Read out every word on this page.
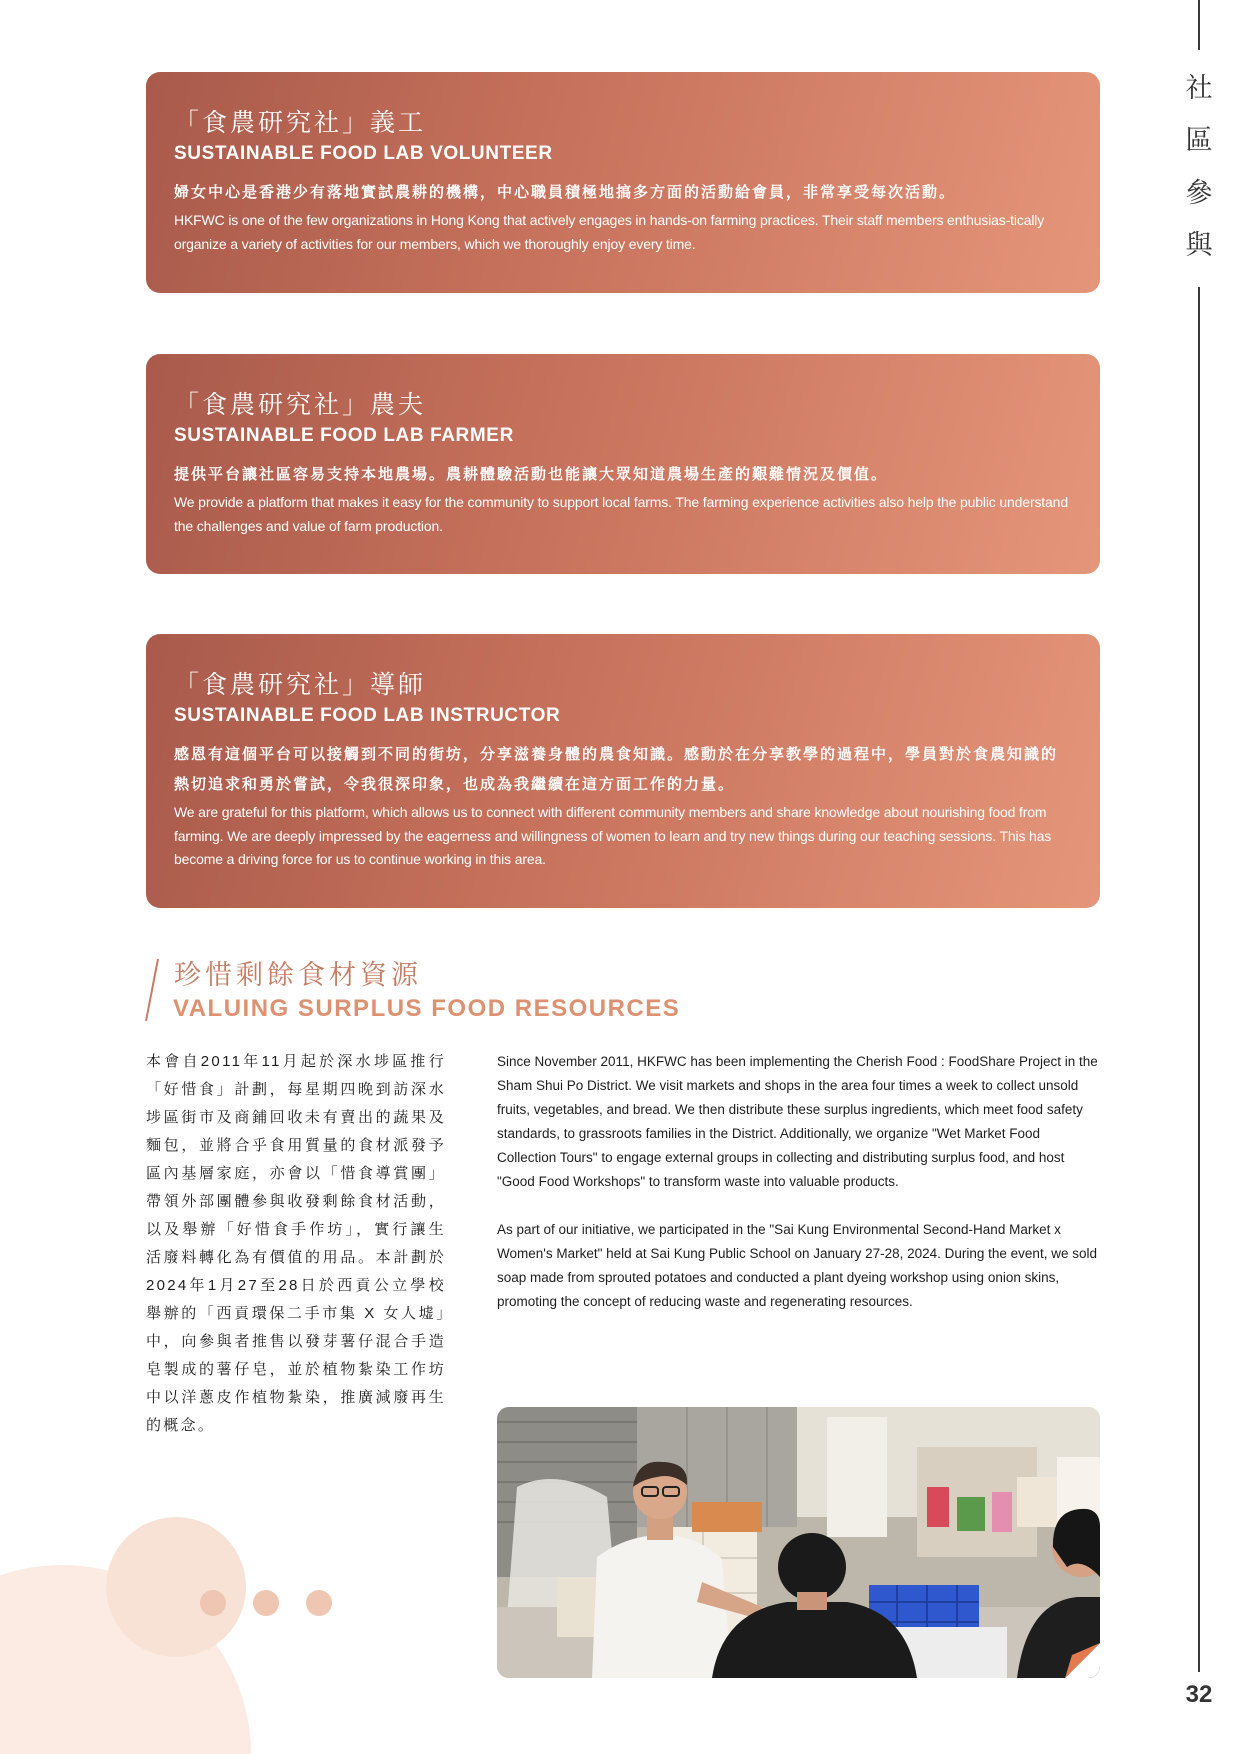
社
區
參
與
32
「食農研究社」義工
SUSTAINABLE FOOD LAB VOLUNTEER
婦女中心是香港少有落地實試農耕的機構，中心職員積極地搞多方面的活動給會員，非常享受每次活動。
HKFWC is one of the few organizations in Hong Kong that actively engages in hands-on farming practices. Their staff members enthusias-tically organize a variety of activities for our members, which we thoroughly enjoy every time.
「食農研究社」農夫
SUSTAINABLE FOOD LAB FARMER
提供平台讓社區容易支持本地農場。農耕體驗活動也能讓大眾知道農場生產的艱難情況及價值。
We provide a platform that makes it easy for the community to support local farms. The farming experience activities also help the public understand the challenges and value of farm production.
「食農研究社」導師
SUSTAINABLE FOOD LAB INSTRUCTOR
感恩有這個平台可以接觸到不同的街坊，分享滋養身體的農食知識。感動於在分享教學的過程中，學員對於食農知識的熱切追求和勇於嘗試，令我很深印象，也成為我繼續在這方面工作的力量。
We are grateful for this platform, which allows us to connect with different community members and share knowledge about nourishing food from farming. We are deeply impressed by the eagerness and willingness of women to learn and try new things during our teaching sessions. This has become a driving force for us to continue working in this area.
珍惜剩餘食材資源
VALUING SURPLUS FOOD RESOURCES
本會自2011年11月起於深水埗區推行「好惜食」計劃，每星期四晚到訪深水埗區街市及商鋪回收未有賣出的蔬果及麵包，並將合乎食用質量的食材派發予區內基層家庭，亦會以「惜食導賞團」帶領外部團體參與收發剩餘食材活動，以及舉辦「好惜食手作坊」，實行讓生活廢料轉化為有價值的用品。本計劃於2024年1月27至28日於西貢公立學校舉辦的「西貢環保二手市集 X 女人墟」中，向參與者推售以發芽薯仔混合手造皂製成的薯仔皂，並於植物紮染工作坊中以洋蔥皮作植物紮染，推廣減廢再生的概念。

Since November 2011, HKFWC has been implementing the Cherish Food : FoodShare Project in the Sham Shui Po District. We visit markets and shops in the area four times a week to collect unsold fruits, vegetables, and bread. We then distribute these surplus ingredients, which meet food safety standards, to grassroots families in the District. Additionally, we organize "Wet Market Food Collection Tours" to engage external groups in collecting and distributing surplus food, and host "Good Food Workshops" to transform waste into valuable products.

As part of our initiative, we participated in the "Sai Kung Environmental Second-Hand Market x Women's Market" held at Sai Kung Public School on January 27-28, 2024. During the event, we sold soap made from sprouted potatoes and conducted a plant dyeing workshop using onion skins, promoting the concept of reducing waste and regenerating resources.
